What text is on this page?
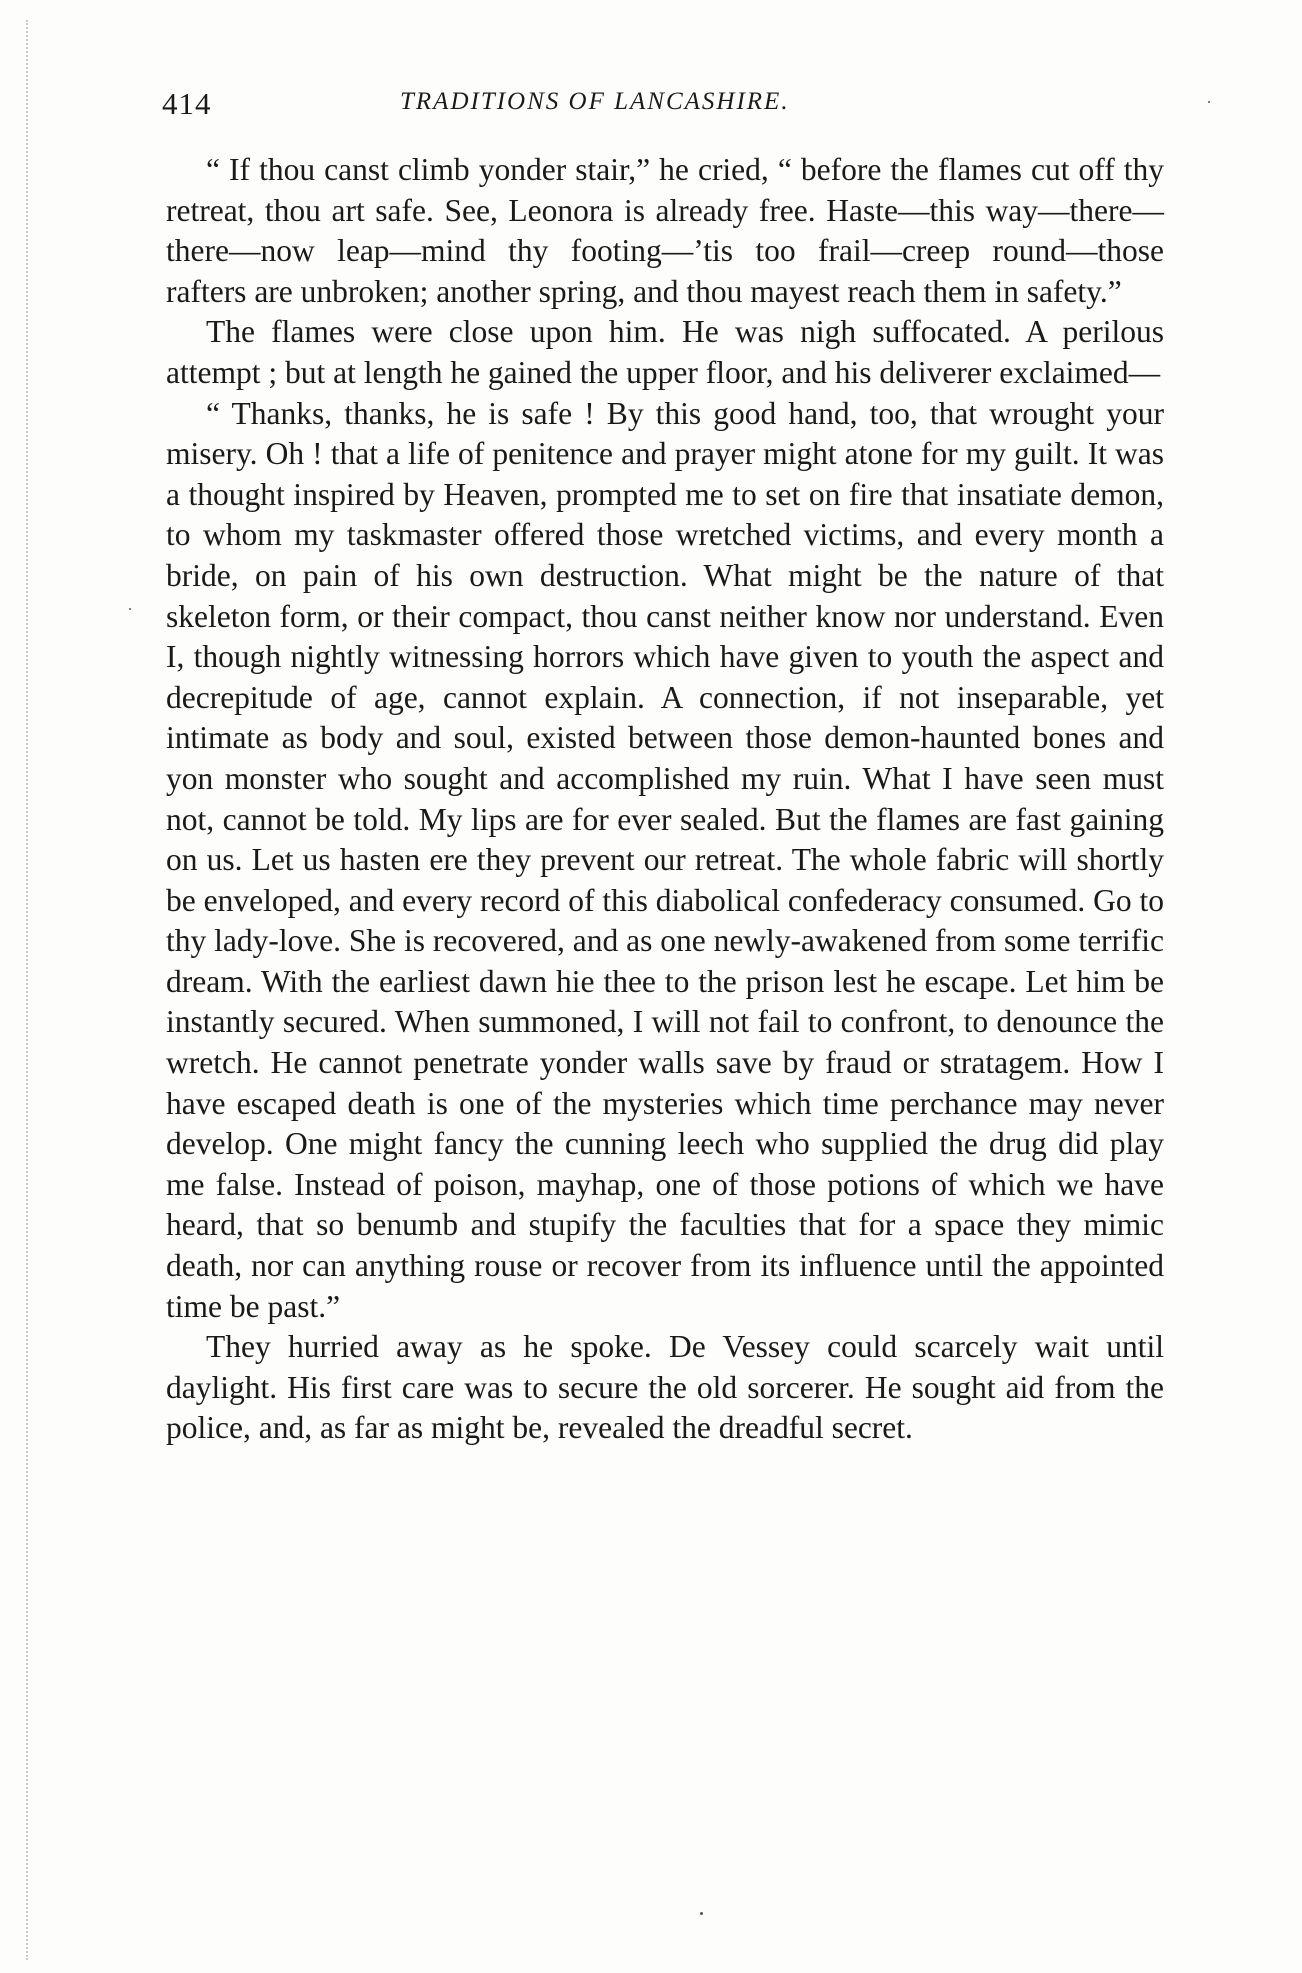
414	TRADITIONS OF LANCASHIRE.

“ If thou canst climb yonder stair,” he cried, “ before the flames cut off thy retreat, thou art safe. See, Leonora is already free. Haste—this way—there—there—now leap—mind thy footing—’tis too frail—creep round—those rafters are unbroken; another spring, and thou mayest reach them in safety.”

The flames were close upon him. He was nigh suffocated. A perilous attempt ; but at length he gained the upper floor, and his deliverer exclaimed—

“ Thanks, thanks, he is safe ! By this good hand, too, that wrought your misery. Oh ! that a life of penitence and prayer might atone for my guilt. It was a thought inspired by Heaven, prompted me to set on fire that insatiate demon, to whom my taskmaster offered those wretched victims, and every month a bride, on pain of his own destruction. What might be the nature of that skeleton form, or their compact, thou canst neither know nor understand. Even I, though nightly witnessing horrors which have given to youth the aspect and decrepitude of age, cannot explain. A connection, if not inseparable, yet intimate as body and soul, existed between those demon-haunted bones and yon monster who sought and accomplished my ruin. What I have seen must not, cannot be told. My lips are for ever sealed. But the flames are fast gaining on us. Let us hasten ere they prevent our retreat. The whole fabric will shortly be enveloped, and every record of this diabolical confederacy consumed. Go to thy lady-love. She is recovered, and as one newly-awakened from some terrific dream. With the earliest dawn hie thee to the prison lest he escape. Let him be instantly secured. When summoned, I will not fail to confront, to denounce the wretch. He cannot penetrate yonder walls save by fraud or stratagem. How I have escaped death is one of the mysteries which time perchance may never develop. One might fancy the cunning leech who supplied the drug did play me false. Instead of poison, mayhap, one of those potions of which we have heard, that so benumb and stupify the faculties that for a space they mimic death, nor can anything rouse or recover from its influence until the appointed time be past.”

They hurried away as he spoke. De Vessey could scarcely wait until daylight. His first care was to secure the old sorcerer. He sought aid from the police, and, as far as might be, revealed the dreadful secret.
